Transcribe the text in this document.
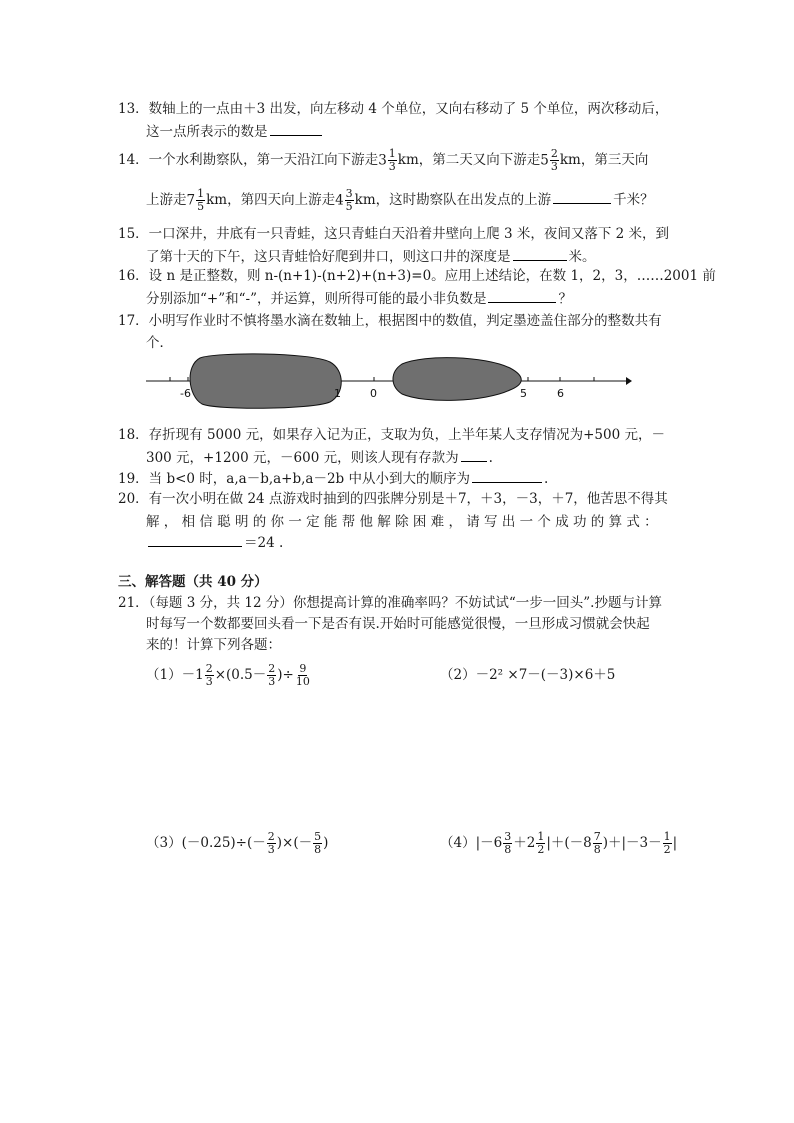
13．数轴上的一点由＋3 出发，向左移动 4 个单位，又向右移动了 5 个单位，两次移动后，
这一点所表示的数是
14．一个水利勘察队，第一天沿江向下游走$3 \frac{1}{3}$ km，第二天又向下游走$5 \frac{2}{3}$ km，第三天向
上游走$7 \frac{1}{5}$ km，第四天向上游走$4 \frac{3}{5}$ km，这时勘察队在出发点的上游	千米？
15．一口深井，井底有一只青蛙，这只青蛙白天沿着井壁向上爬 3 米，夜间又落下 2 米，到
了第十天的下午，这只青蛙恰好爬到井口，则这口井的深度是	米。
16．设 n 是正整数，则 n-(n+1)-(n+2)+(n+3)=0。应用上述结论，在数 1，2，3，……2001 前
分别添加“+”和“-”，并运算，则所得可能的最小非负数是	？
17．小明写作业时不慎将墨水滴在数轴上，根据图中的数值，判定墨迹盖住部分的整数共有
个．
-6	1	0	5	6
18．存折现有 5000 元，如果存入记为正，支取为负，上半年某人支存情况为+500 元，－
300 元，+1200 元，－600 元，则该人现有存款为 .
19．当 b<0 时，a,a－b,a+b,a－2b 中从小到大的顺序为	.
20．有一次小明在做 24 点游戏时抽到的四张牌分别是＋7，＋3，－3，＋7，他苦思不得其
解 ， 相 信 聪 明 的 你 一 定 能 帮 他 解 除 困 难 ， 请 写 出 一 个 成 功 的 算 式 ：
＝24 .
三、解答题（共 40 分）
21．（每题 3 分，共 12 分）你想提高计算的准确率吗？不妨试试“一步一回头”.抄题与计算
时每写一个数都要回头看一下是否有误.开始时可能感觉很慢，一旦形成习惯就会快起
来的！计算下列各题：
$(1)-1 \frac{2}{3} \times(0.5- \frac{2}{3}$ )÷ $\frac{9}{10}$	（2）－2² ×7－(－3)×6＋5
$(3)(-0.25)\div(- \frac{2}{3}$ )×(－ $\frac{5}{8}$ )	$(4)|-6 \frac{3}{8} +2 \frac{1}{2} |+(-8 \frac{7}{8} )+|-3- \frac{1}{2}$ |
